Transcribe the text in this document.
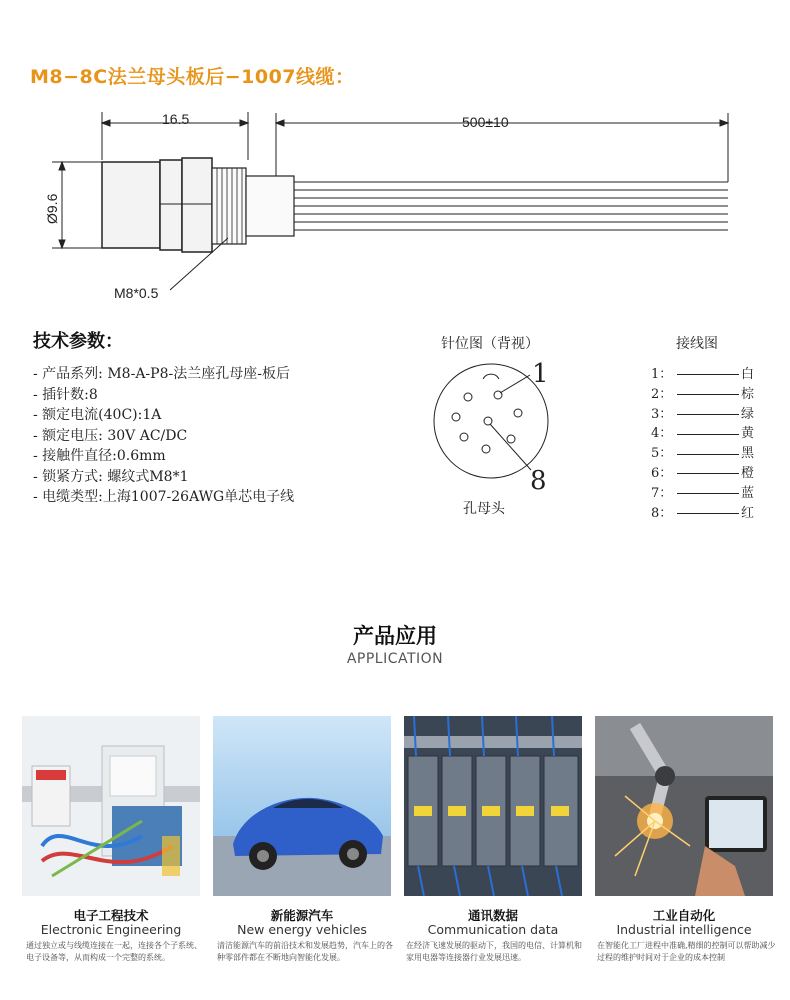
M8−8C法兰母头板后−1007线缆：
16.5	500±10
Ø9.6
M8*0.5
技术参数：
- 产品系列: M8-A-P8-法兰座孔母座-板后
- 插针数:8
- 额定电流(40C):1A
- 额定电压: 30V AC/DC
- 接触件直径:0.6mm
- 锁紧方式: 螺纹式M8*1
- 电缆类型:上海1007-26AWG单芯电子线
针位图（背视）
1
8
孔母头
接线图
1：	白
2：	棕
3：	绿
4：	黄
5：	黑
6：	橙
7：	蓝
8：	红
产品应用
APPLICATION
电子工程技术
Electronic Engineering
通过独立或与线缆连接在一起，连接各个子系统、电子设备等，从而构成一个完整的系统。
新能源汽车
New energy vehicles
清洁能源汽车的前沿技术和发展趋势，汽车上的各种零部件都在不断地向智能化发展。
通讯数据
Communication data
在经济飞速发展的驱动下，我国的电信、计算机和家用电器等连接器行业发展迅速。
工业自动化
Industrial intelligence
在智能化工厂进程中准确,精细的控制可以帮助减少过程的维护时间对于企业的成本控制
